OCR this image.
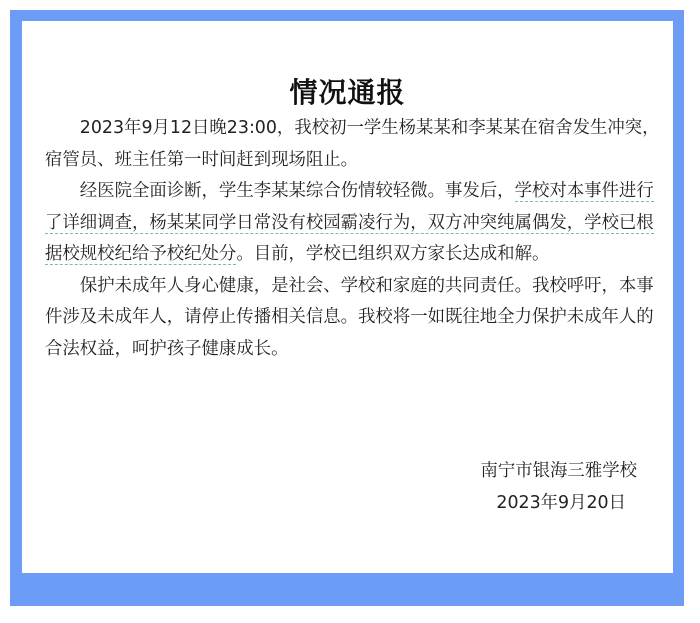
情况通报

2023年9月12日晚23:00，我校初一学生杨某某和李某某在宿舍发生冲突，宿管员、班主任第一时间赶到现场阻止。

经医院全面诊断，学生李某某综合伤情较轻微。事发后，学校对本事件进行了详细调查，杨某某同学日常没有校园霸凌行为，双方冲突纯属偶发，学校已根据校规校纪给予校纪处分。目前，学校已组织双方家长达成和解。

保护未成年人身心健康，是社会、学校和家庭的共同责任。我校呼吁，本事件涉及未成年人，请停止传播相关信息。我校将一如既往地全力保护未成年人的合法权益，呵护孩子健康成长。

南宁市银海三雅学校
2023年9月20日
